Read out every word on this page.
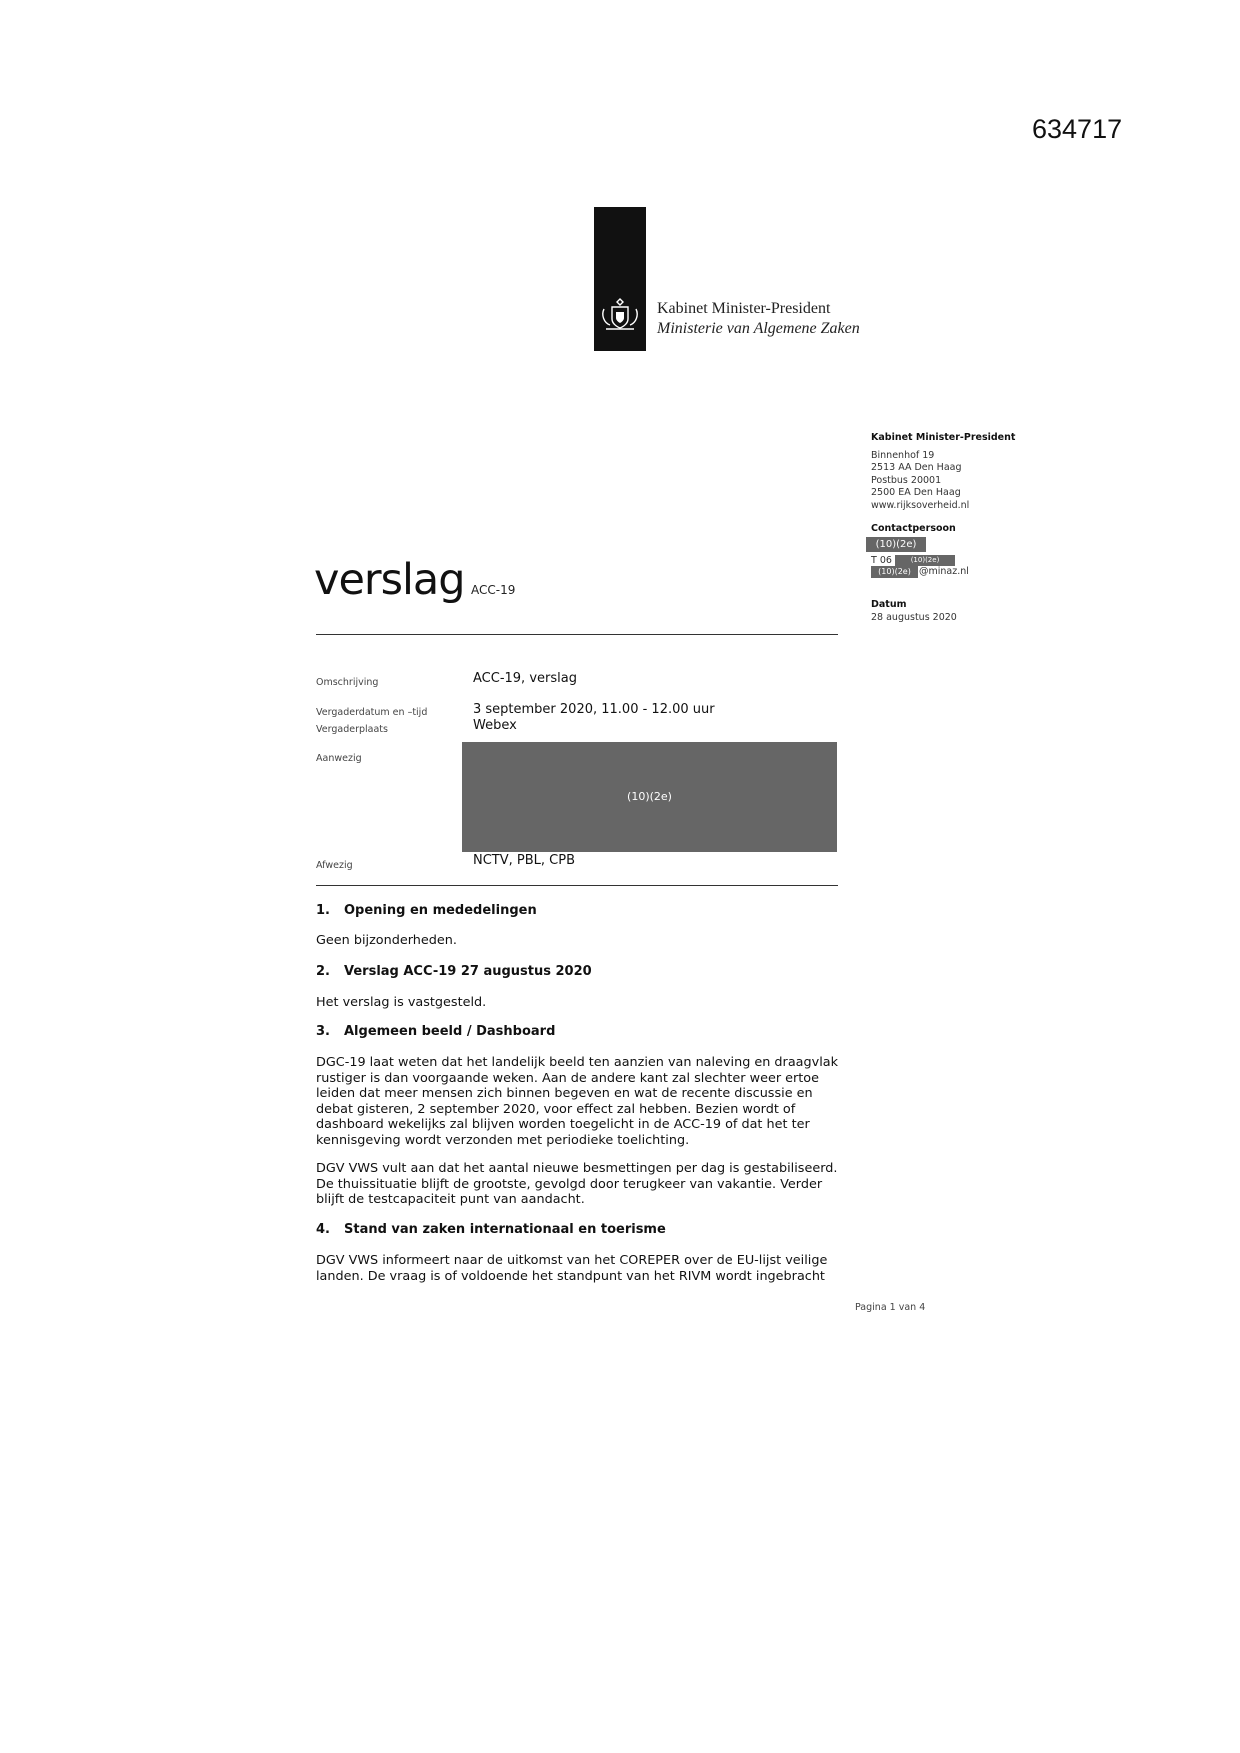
634717
Kabinet Minister-President
Ministerie van Algemene Zaken
Kabinet Minister-President
Binnenhof 19
2513 AA Den Haag
Postbus 20001
2500 EA Den Haag
www.rijksoverheid.nl
Contactpersoon
(10)(2e)
T 06	(10)(2e)
(10)(2e) @minaz.nl
Datum
28 augustus 2020
verslag ACC-19
Omschrijving	ACC-19, verslag
Vergaderdatum en –tijd	3 september 2020, 11.00 - 12.00 uur
Vergaderplaats	Webex
Aanwezig
(10)(2e)
Afwezig	NCTV, PBL, CPB
1. Opening en mededelingen
Geen bijzonderheden.
2. Verslag ACC-19 27 augustus 2020
Het verslag is vastgesteld.
3. Algemeen beeld / Dashboard
DGC-19 laat weten dat het landelijk beeld ten aanzien van naleving en draagvlak
rustiger is dan voorgaande weken. Aan de andere kant zal slechter weer ertoe
leiden dat meer mensen zich binnen begeven en wat de recente discussie en
debat gisteren, 2 september 2020, voor effect zal hebben. Bezien wordt of
dashboard wekelijks zal blijven worden toegelicht in de ACC-19 of dat het ter
kennisgeving wordt verzonden met periodieke toelichting.
DGV VWS vult aan dat het aantal nieuwe besmettingen per dag is gestabiliseerd.
De thuissituatie blijft de grootste, gevolgd door terugkeer van vakantie. Verder
blijft de testcapaciteit punt van aandacht.
4. Stand van zaken internationaal en toerisme
DGV VWS informeert naar de uitkomst van het COREPER over de EU-lijst veilige
landen. De vraag is of voldoende het standpunt van het RIVM wordt ingebracht
Pagina 1 van 4
